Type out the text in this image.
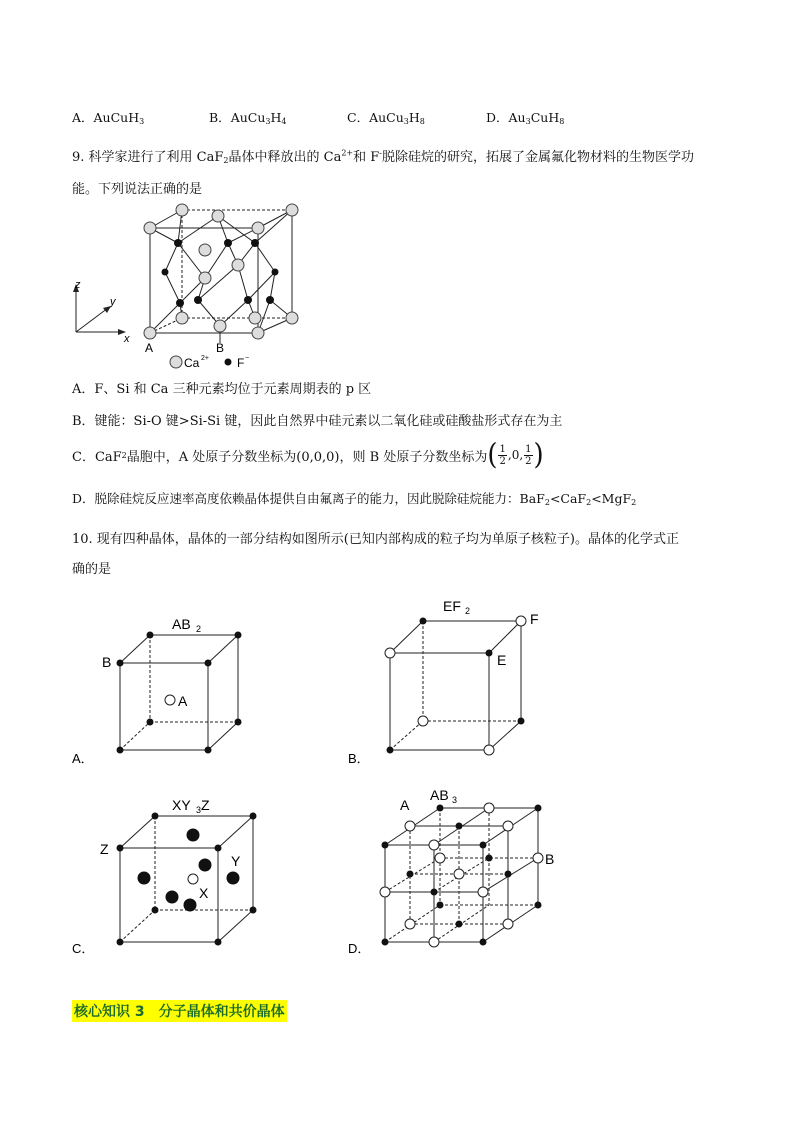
A．AuCuH$_3$	B．$AuCu_3H_4$	C．$AuCu_3H_8$	D．$Au_3CuH_8$
9. 科学家进行了利用 CaF$_2$晶体中释放出的 $Ca^{2+}$和 F-脱除硅烷的研究，拓展了金属氟化物材料的生物医学功
能。下列说法正确的是
z
y
x
A	B
Ca 2+ F −
A．F、Si 和 Ca 三种元素均位于元素周期表的 p 区
B．键能：Si-O 键>Si-Si 键，因此自然界中硅元素以二氧化硅或硅酸盐形式存在为主
C．CaF 2 晶胞中，A 处原子分数坐标为(0,0,0)，则 B 处原子分数坐标为 ( 1
2 , 0 , 1
2 )
D．脱除硅烷反应速率高度依赖晶体提供自由氟离子的能力，因此脱除硅烷能力：BaF$_2$<CaF$_2$<MgF$_2$
10. 现有四种晶体，晶体的一部分结构如图所示(已知内部构成的粒子均为单原子核粒子)。晶体的化学式正
确的是
AB 2
B
A
A．
EF 2	F
E
B．
XY 3 Z
Z
Y
X
C．
A
AB 3
B
D．
核心知识 3　分子晶体和共价晶体
